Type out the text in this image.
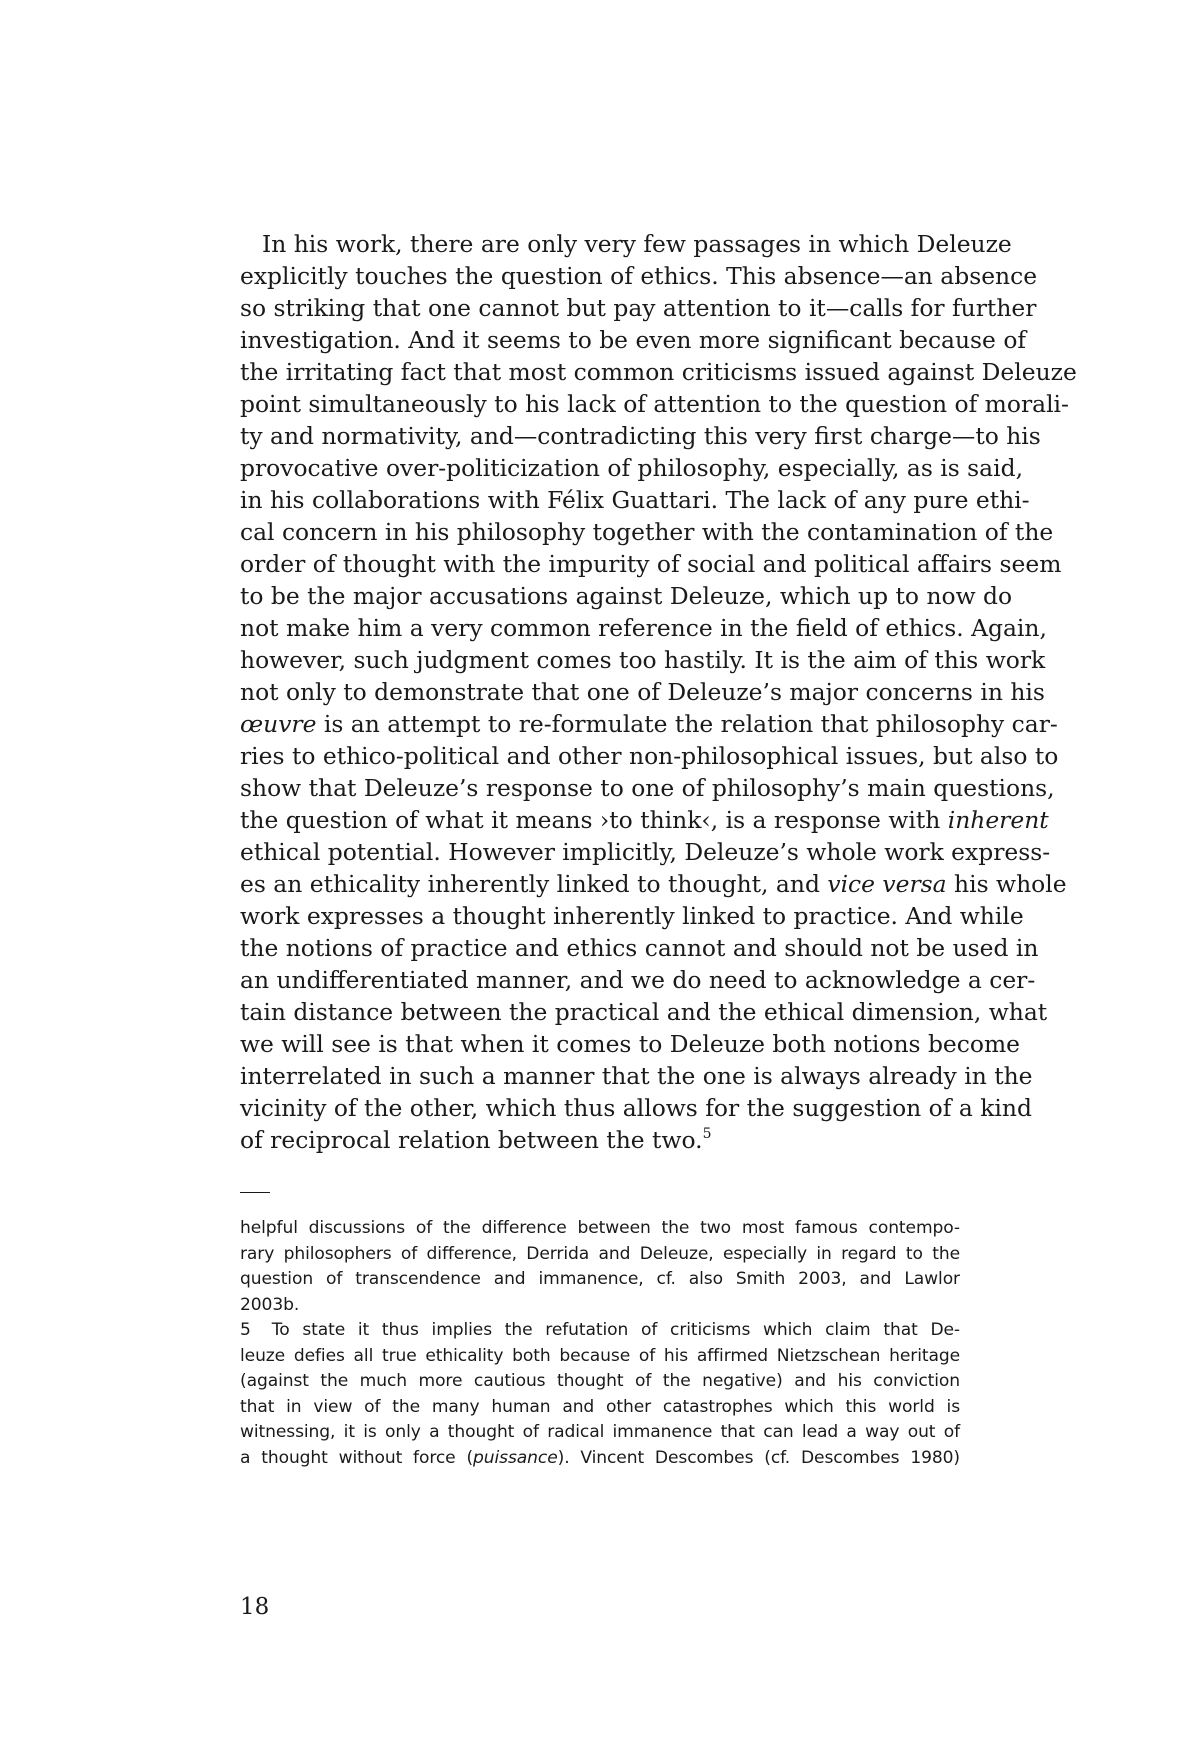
In his work, there are only very few passages in which Deleuze
explicitly touches the question of ethics. This absence—an absence
so striking that one cannot but pay attention to it—calls for further
investigation. And it seems to be even more significant because of
the irritating fact that most common criticisms issued against Deleuze
point simultaneously to his lack of attention to the question of morali-
ty and normativity, and—contradicting this very first charge—to his
provocative over-politicization of philosophy, especially, as is said,
in his collaborations with Félix Guattari. The lack of any pure ethi-
cal concern in his philosophy together with the contamination of the
order of thought with the impurity of social and political affairs seem
to be the major accusations against Deleuze, which up to now do
not make him a very common reference in the field of ethics. Again,
however, such judgment comes too hastily. It is the aim of this work
not only to demonstrate that one of Deleuze’s major concerns in his
œuvre is an attempt to re-formulate the relation that philosophy car-
ries to ethico-political and other non-philosophical issues, but also to
show that Deleuze’s response to one of philosophy’s main questions,
the question of what it means ›to think‹, is a response with inherent
ethical potential. However implicitly, Deleuze’s whole work express-
es an ethicality inherently linked to thought, and vice versa his whole
work expresses a thought inherently linked to practice. And while
the notions of practice and ethics cannot and should not be used in
an undifferentiated manner, and we do need to acknowledge a cer-
tain distance between the practical and the ethical dimension, what
we will see is that when it comes to Deleuze both notions become
interrelated in such a manner that the one is always already in the
vicinity of the other, which thus allows for the suggestion of a kind
of reciprocal relation between the two.$^5$
helpful discussions of the difference between the two most famous contempo-
rary philosophers of difference, Derrida and Deleuze, especially in regard to the
question of transcendence and immanence, cf. also Smith 2003, and Lawlor
2003b.
5 To state it thus implies the refutation of criticisms which claim that De-
leuze defies all true ethicality both because of his affirmed Nietzschean heritage
(against the much more cautious thought of the negative) and his conviction
that in view of the many human and other catastrophes which this world is
witnessing, it is only a thought of radical immanence that can lead a way out of
a thought without force (puissance). Vincent Descombes (cf. Descombes 1980)
18
